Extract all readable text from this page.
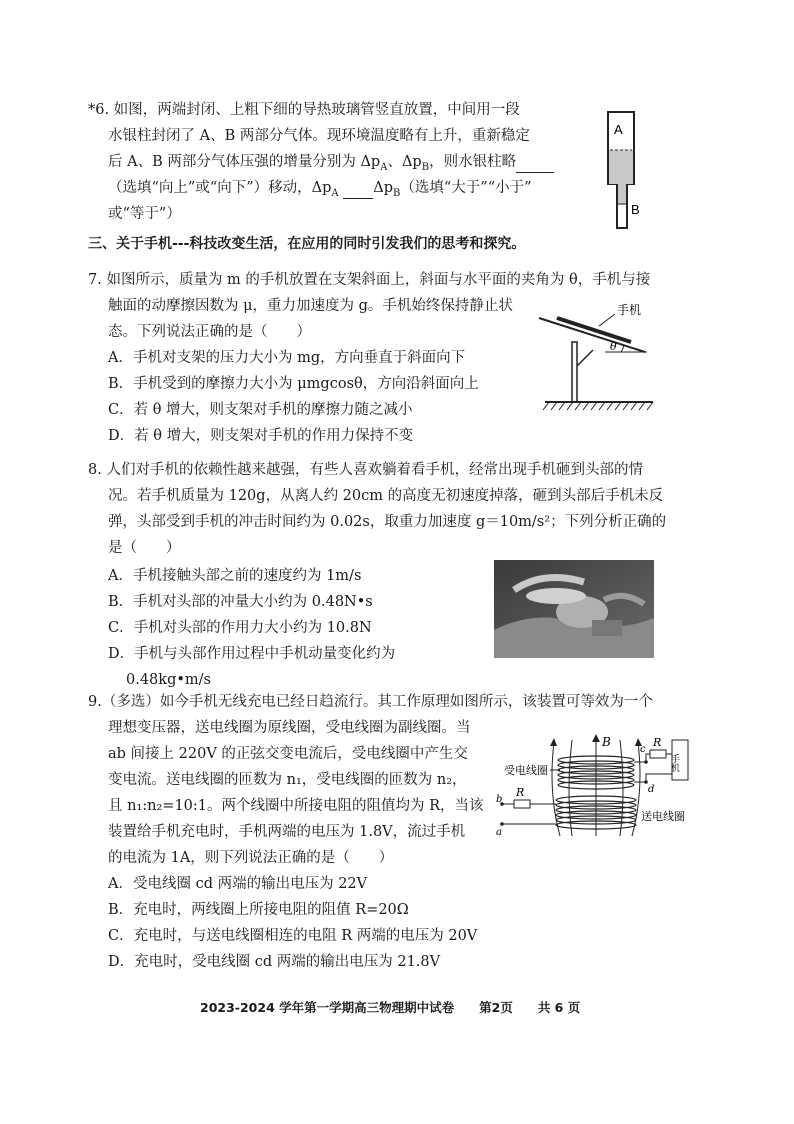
*6. 如图，两端封闭、上粗下细的导热玻璃管竖直放置，中间用一段
水银柱封闭了 A、B 两部分气体。现环境温度略有上升，重新稳定
后 A、B 两部分气体压强的增量分别为 $\Delta p_A$、$\Delta p_B$，则水银柱略
（选填“向上”或“向下”）移动，$\Delta p_A$ $\Delta p_B$（选填“大于”“小于”
或“等于”）
A
B
三、关于手机---科技改变生活，在应用的同时引发我们的思考和探究。
7. 如图所示，质量为 m 的手机放置在支架斜面上，斜面与水平面的夹角为 θ，手机与接
触面的动摩擦因数为 μ，重力加速度为 g。手机始终保持静止状
态。下列说法正确的是（　　）
A．手机对支架的压力大小为 mg，方向垂直于斜面向下
B．手机受到的摩擦力大小为 μmgcosθ，方向沿斜面向上
C．若 θ 增大，则支架对手机的摩擦力随之减小
D．若 θ 增大，则支架对手机的作用力保持不变
θ
手机
8. 人们对手机的依赖性越来越强，有些人喜欢躺着看手机，经常出现手机砸到头部的情
况。若手机质量为 120g，从离人约 20cm 的高度无初速度掉落，砸到头部后手机未反
弹，头部受到手机的冲击时间约为 0.02s，取重力加速度 g＝10m/s²；下列分析正确的
是（　　）
A．手机接触头部之前的速度约为 1m/s
B．手机对头部的冲量大小约为 0.48N•s
C．手机对头部的作用力大小约为 10.8N
D．手机与头部作用过程中手机动量变化约为
0.48kg•m/s
9.（多选）如今手机无线充电已经日趋流行。其工作原理如图所示，该装置可等效为一个
理想变压器，送电线圈为原线圈，受电线圈为副线圈。当
ab 间接上 220V 的正弦交变电流后，受电线圈中产生交
变电流。送电线圈的匝数为 n₁，受电线圈的匝数为 n₂，
且 n₁:n₂=10:1。两个线圈中所接电阻的阻值均为 R，当该
装置给手机充电时，手机两端的电压为 1.8V，流过手机
的电流为 1A，则下列说法正确的是（　　）
A．受电线圈 cd 两端的输出电压为 22V
B．充电时，两线圈上所接电阻的阻值 R=20Ω
C．充电时，与送电线圈相连的电阻 R 两端的电压为 20V
D．充电时，受电线圈 cd 两端的输出电压为 21.8V
B
c
d
R
手机
b
a
R
受电线圈
送电线圈
2023-2024 学年第一学期高三物理期中试卷　　第2页　　共 6 页
